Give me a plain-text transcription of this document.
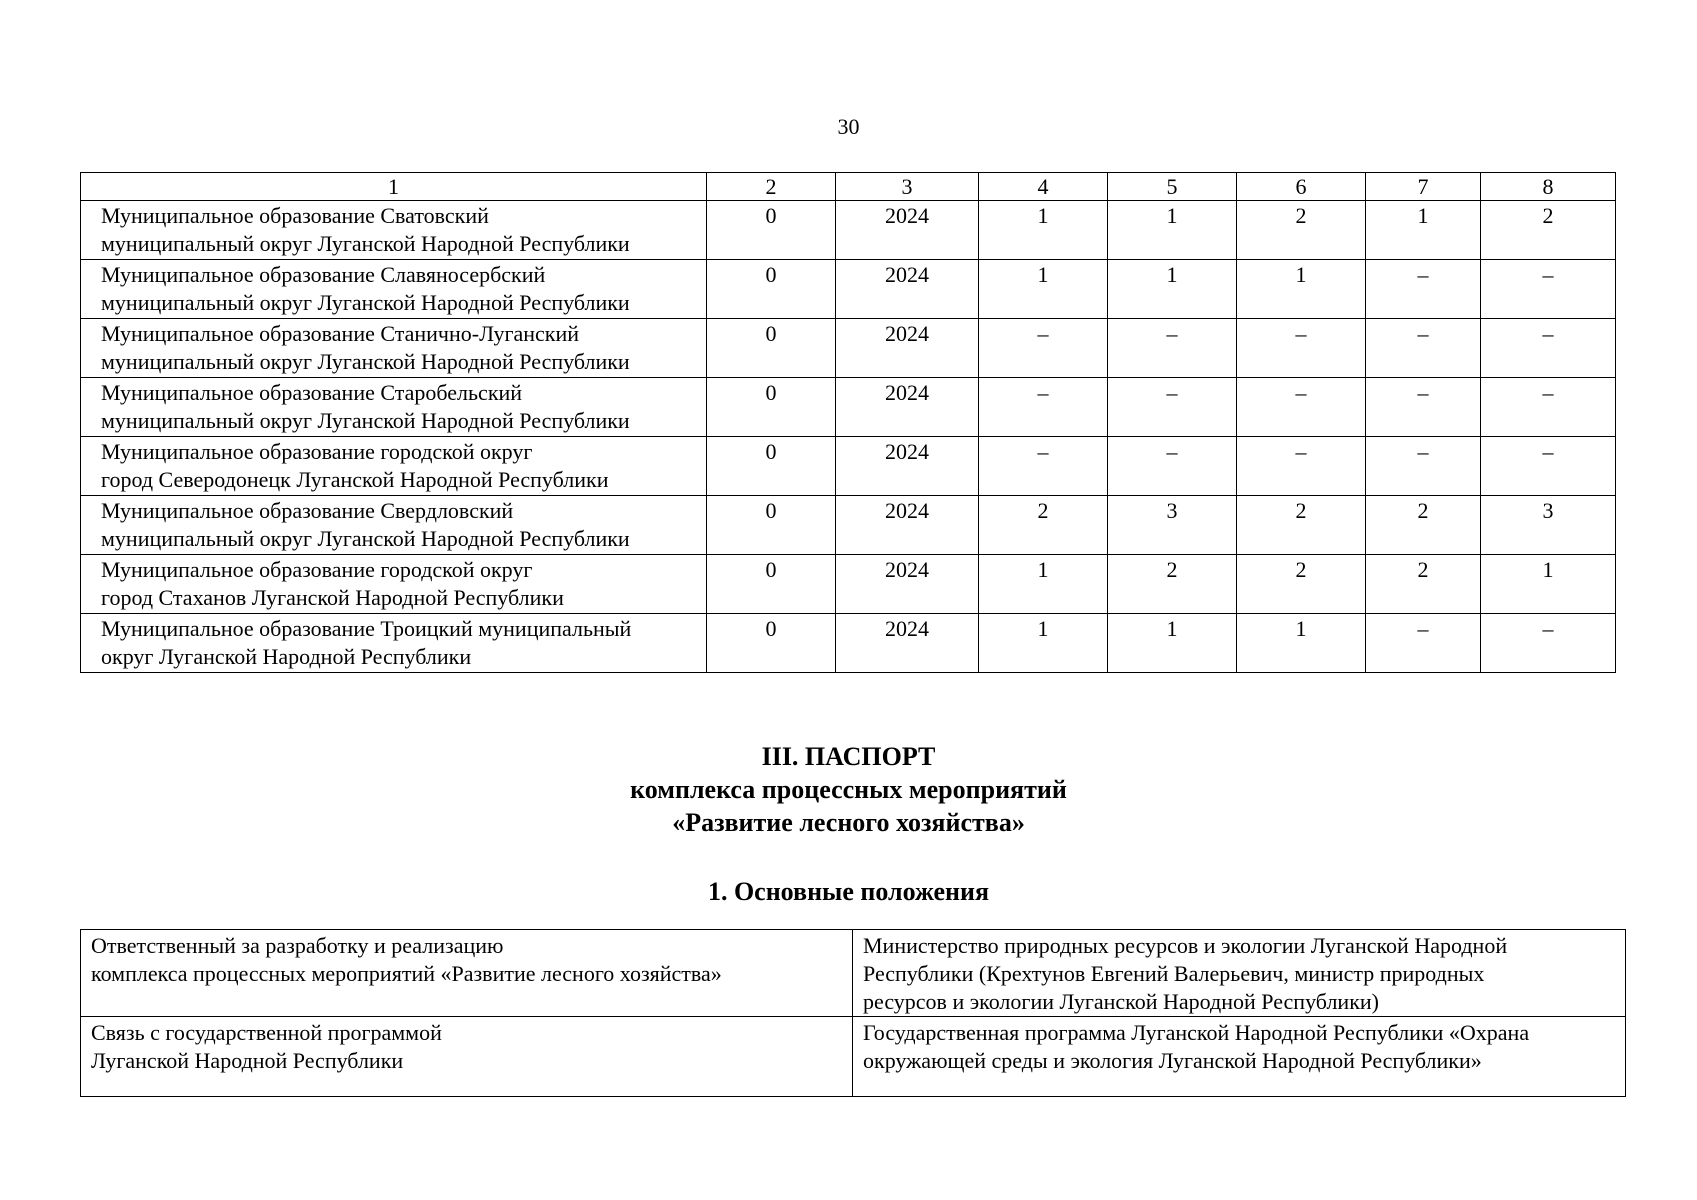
30
1	2	3	4	5	6	7	8
Муниципальное образование Сватовский
муниципальный округ Луганской Народной Республики	0	2024	1	1	2	1	2
Муниципальное образование Славяносербский
муниципальный округ Луганской Народной Республики	0	2024	1	1	1	–	–
Муниципальное образование Станично-Луганский
муниципальный округ Луганской Народной Республики	0	2024	–	–	–	–	–
Муниципальное образование Старобельский
муниципальный округ Луганской Народной Республики	0	2024	–	–	–	–	–
Муниципальное образование городской округ
город Северодонецк Луганской Народной Республики	0	2024	–	–	–	–	–
Муниципальное образование Свердловский
муниципальный округ Луганской Народной Республики	0	2024	2	3	2	2	3
Муниципальное образование городской округ
город Стаханов Луганской Народной Республики	0	2024	1	2	2	2	1
Муниципальное образование Троицкий муниципальный
округ Луганской Народной Республики	0	2024	1	1	1	–	–
III. ПАСПОРТ
комплекса процессных мероприятий
«Развитие лесного хозяйства»
1. Основные положения
Ответственный за разработку и реализацию
комплекса процессных мероприятий «Развитие лесного хозяйства»	Министерство природных ресурсов и экологии Луганской Народной
Республики (Крехтунов Евгений Валерьевич, министр природных
ресурсов и экологии Луганской Народной Республики)
Связь с государственной программой
Луганской Народной Республики	Государственная программа Луганской Народной Республики «Охрана
окружающей среды и экология Луганской Народной Республики»
